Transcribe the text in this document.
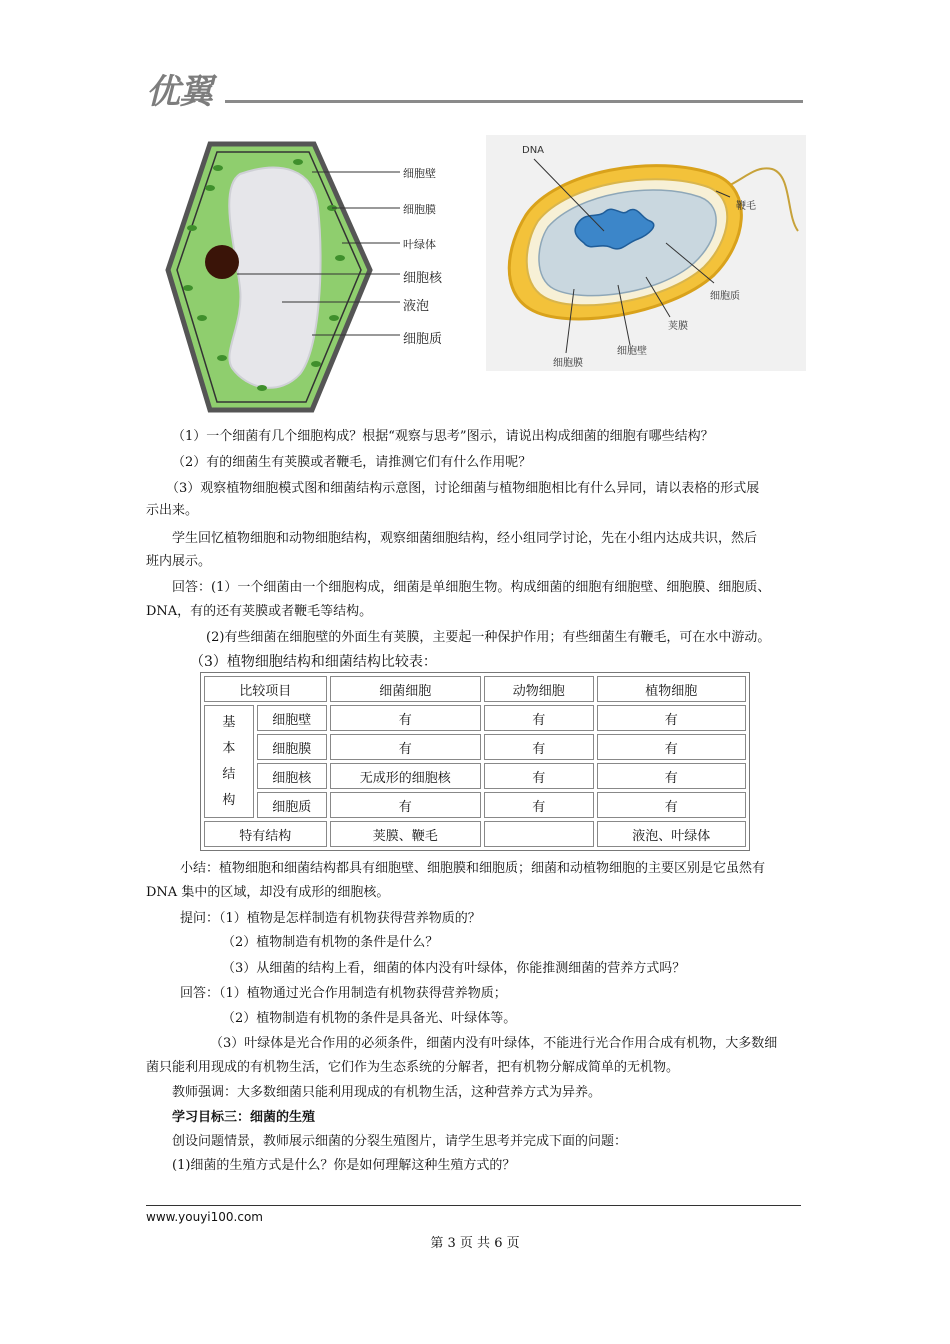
优翼
细胞壁
细胞膜
叶绿体
细胞核
液泡
细胞质
DNA
鞭毛
细胞质
荚膜
细胞膜
细胞壁
（1）一个细菌有几个细胞构成？根据“观察与思考”图示，请说出构成细菌的细胞有哪些结构？
（2）有的细菌生有荚膜或者鞭毛，请推测它们有什么作用呢？
（3）观察植物细胞模式图和细菌结构示意图，讨论细菌与植物细胞相比有什么异同，请以表格的形式展
示出来。
学生回忆植物细胞和动物细胞结构，观察细菌细胞结构，经小组同学讨论，先在小组内达成共识，然后
班内展示。
回答：(1）一个细菌由一个细胞构成，细菌是单细胞生物。构成细菌的细胞有细胞壁、细胞膜、细胞质、
DNA，有的还有荚膜或者鞭毛等结构。
(2)有些细菌在细胞壁的外面生有荚膜，主要起一种保护作用；有些细菌生有鞭毛，可在水中游动。
（3）植物细胞结构和细菌结构比较表：
比较项目		细菌细胞	动物细胞	植物细胞

基
本
结
构	细胞壁	有	有	有
	细胞膜	有	有	有
	细胞核	无成形的细胞核	有	有
	细胞质	有	有	有
特有结构		荚膜、鞭毛		液泡、叶绿体
小结：植物细胞和细菌结构都具有细胞壁、细胞膜和细胞质；细菌和动植物细胞的主要区别是它虽然有
DNA 集中的区域，却没有成形的细胞核。
提问：（1）植物是怎样制造有机物获得营养物质的？
（2）植物制造有机物的条件是什么？
（3）从细菌的结构上看，细菌的体内没有叶绿体，你能推测细菌的营养方式吗？
回答：（1）植物通过光合作用制造有机物获得营养物质；
（2）植物制造有机物的条件是具备光、叶绿体等。
（3）叶绿体是光合作用的必须条件，细菌内没有叶绿体，不能进行光合作用合成有机物，大多数细
菌只能利用现成的有机物生活，它们作为生态系统的分解者，把有机物分解成简单的无机物。
教师强调：大多数细菌只能利用现成的有机物生活，这种营养方式为异养。
学习目标三：细菌的生殖
创设问题情景，教师展示细菌的分裂生殖图片，请学生思考并完成下面的问题：
(1)细菌的生殖方式是什么？你是如何理解这种生殖方式的？
www.youyi100.com
第 3 页 共 6 页
